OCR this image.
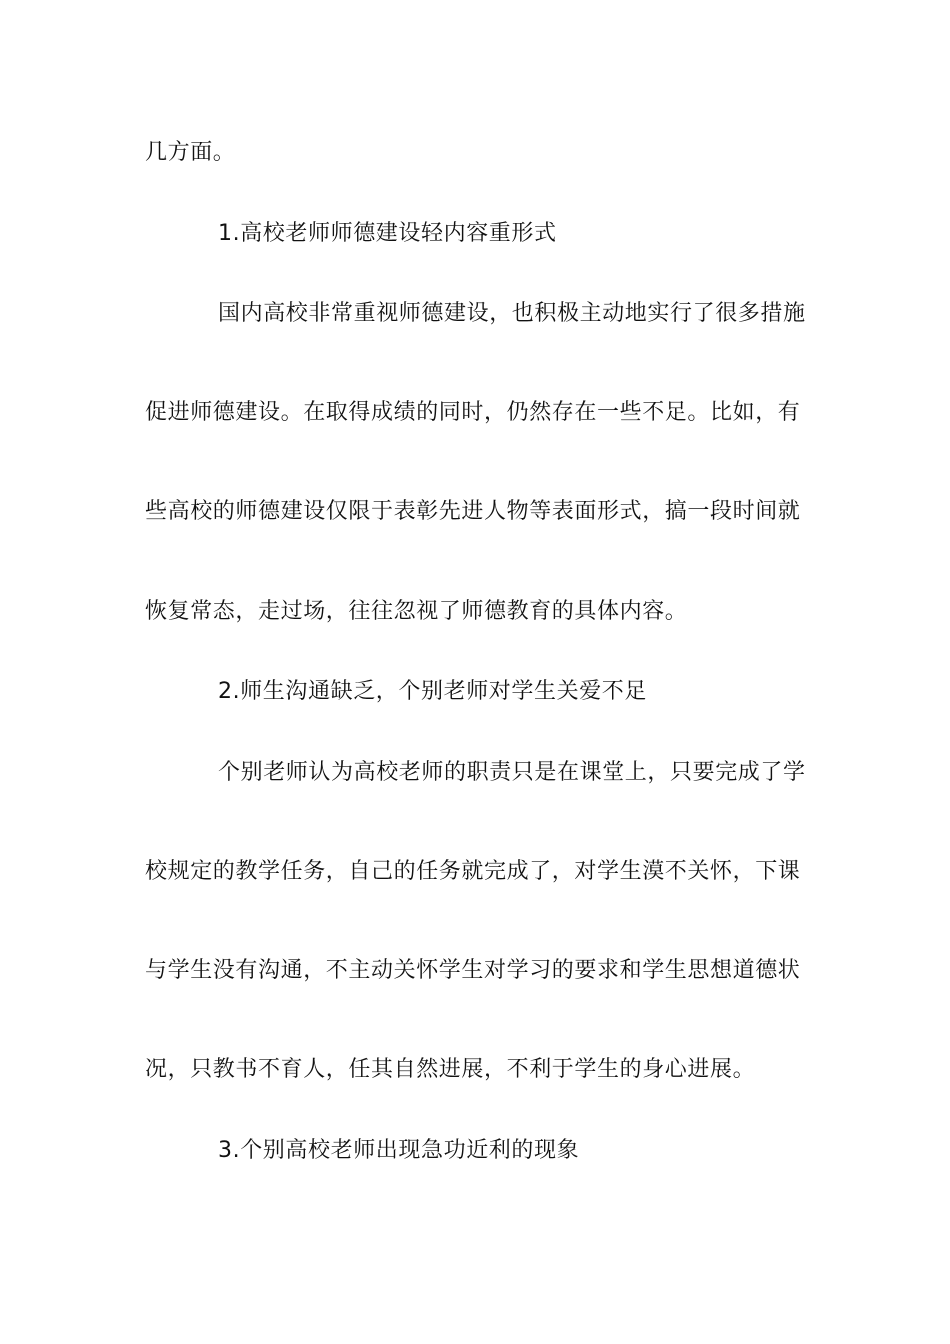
几方面。
1.高校老师师德建设轻内容重形式
国内高校非常重视师德建设，也积极主动地实行了很多措施
促进师德建设。在取得成绩的同时，仍然存在一些不足。比如，有
些高校的师德建设仅限于表彰先进人物等表面形式，搞一段时间就
恢复常态，走过场，往往忽视了师德教育的具体内容。
2.师生沟通缺乏，个别老师对学生关爱不足
个别老师认为高校老师的职责只是在课堂上，只要完成了学
校规定的教学任务，自己的任务就完成了，对学生漠不关怀，下课
与学生没有沟通，不主动关怀学生对学习的要求和学生思想道德状
况，只教书不育人，任其自然进展，不利于学生的身心进展。
3.个别高校老师出现急功近利的现象
